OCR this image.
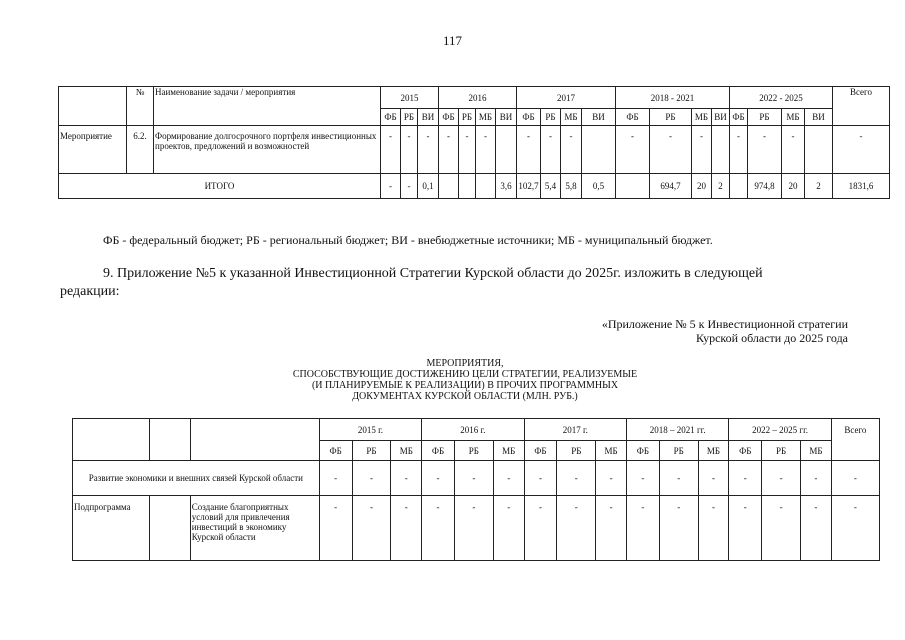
117
	№	Наименование задачи / мероприятия	2015			2016				2017				2018 - 2021				2022 - 2025				Всего
			ФБ	РБ	ВИ	ФБ	РБ	МБ	ВИ	ФБ	РБ	МБ	ВИ	ФБ	РБ	МБ	ВИ	ФБ	РБ	МБ	ВИ	
Мероприятие	6.2.	Формирование долгосрочного портфеля инвестиционных проектов, предложений и возможностей	-	-	-	-	-	-		-	-	-		-	-	-		-	-	-		-
ИТОГО			-	-	0,1				3,6	102,7	5,4	5,8	0,5		694,7	20	2		974,8	20	2	1831,6
ФБ - федеральный бюджет; РБ - региональный бюджет; ВИ - внебюджетные источники; МБ - муниципальный бюджет.
9. Приложение №5 к указанной Инвестиционной Стратегии Курской области до 2025г. изложить в следующей
редакции:
«Приложение № 5 к Инвестиционной стратегии
Курской области до 2025 года
МЕРОПРИЯТИЯ,
СПОСОБСТВУЮЩИЕ ДОСТИЖЕНИЮ ЦЕЛИ СТРАТЕГИИ, РЕАЛИЗУЕМЫЕ
(И ПЛАНИРУЕМЫЕ К РЕАЛИЗАЦИИ) В ПРОЧИХ ПРОГРАММНЫХ
ДОКУМЕНТАХ КУРСКОЙ ОБЛАСТИ (МЛН. РУБ.)
			2015 г.			2016 г.			2017 г.			2018 – 2021 гг.			2022 – 2025 гг.			Всего
			ФБ	РБ	МБ	ФБ	РБ	МБ	ФБ	РБ	МБ	ФБ	РБ	МБ	ФБ	РБ	МБ	
Развитие экономики и внешних связей Курской области			-	-	-	-	-	-	-	-	-	-	-	-	-	-	-	-
Подпрограмма		Создание благоприятных условий для привлечения инвестиций в экономику Курской области	-	-	-	-	-	-	-	-	-	-	-	-	-	-	-	-
